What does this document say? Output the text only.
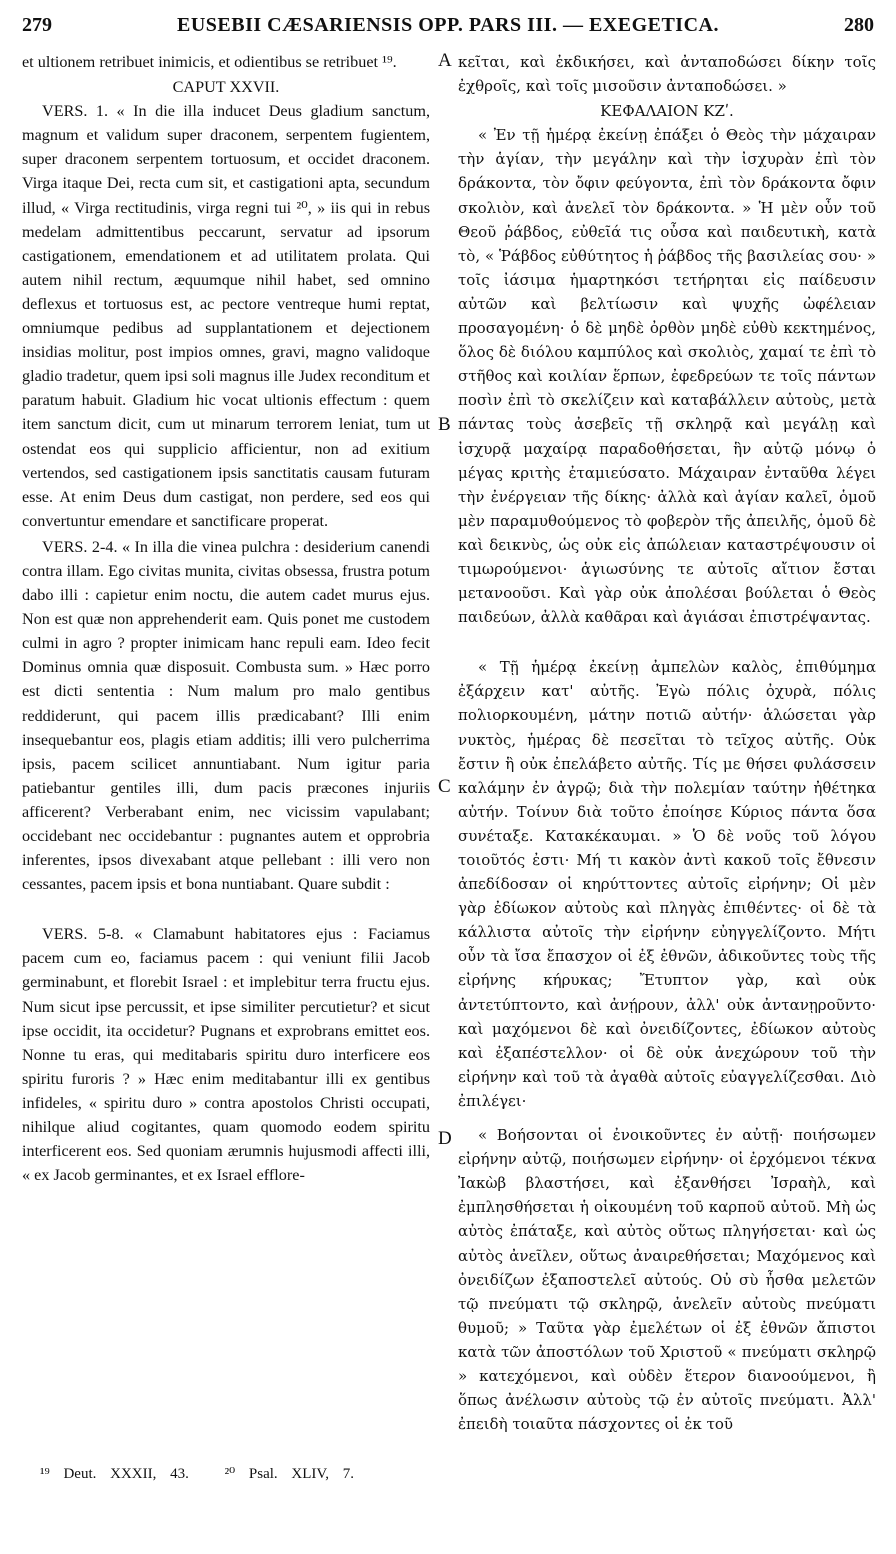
279	EUSEBII CÆSARIENSIS OPP. PARS III. — EXEGETICA.	280

et ultionem retribuet inimicis, et odientibus se retribuet ¹⁹.

CAPUT XXVII.

VERS. 1. « In die illa inducet Deus gladium sanctum, magnum et validum super draconem, serpentem fugientem, super draconem serpentem tortuosum, et occidet draconem. Virga itaque Dei, recta cum sit, et castigationi apta, secundum illud, « Virga rectitudinis, virga regni tui ²⁰, » iis qui in rebus medelam admittentibus peccarunt, servatur ad ipsorum castigationem, emendationem et ad utilitatem prolata. Qui autem nihil rectum, æquumque nihil habet, sed omnino deflexus et tortuosus est, ac pectore ventreque humi reptat, omniumque pedibus ad supplantationem et dejectionem insidias molitur, post impios omnes, gravi, magno validoque gladio tradetur, quem ipsi soli magnus ille Judex reconditum et paratum habuit. Gladium hic vocat ultionis effectum : quem item sanctum dicit, cum ut minarum terrorem leniat, tum ut ostendat eos qui supplicio afficientur, non ad exitium vertendos, sed castigationem ipsis sanctitatis causam futuram esse. At enim Deus dum castigat, non perdere, sed eos qui convertuntur emendare et sanctificare properat.

VERS. 2-4. « In illa die vinea pulchra : desiderium canendi contra illam. Ego civitas munita, civitas obsessa, frustra potum dabo illi : capietur enim noctu, die autem cadet murus ejus. Non est quæ non apprehenderit eam. Quis ponet me custodem culmi in agro ? propter inimicam hanc repuli eam. Ideo fecit Dominus omnia quæ disposuit. Combusta sum. » Hæc porro est dicti sententia : Num malum pro malo gentibus reddiderunt, qui pacem illis prædicabant? Illi enim insequebantur eos, plagis etiam additis; illi vero pulcherrima ipsis, pacem scilicet annuntiabant. Num igitur paria patiebantur gentiles illi, dum pacis præcones injuriis afficerent? Verberabant enim, nec vicissim vapulabant; occidebant nec occidebantur : pugnantes autem et opprobria inferentes, ipsos divexabant atque pellebant : illi vero non cessantes, pacem ipsis et bona nuntiabant. Quare subdit :

VERS. 5-8. « Clamabunt habitatores ejus : Faciamus pacem cum eo, faciamus pacem : qui veniunt filii Jacob germinabunt, et florebit Israel : et implebitur terra fructu ejus. Num sicut ipse percussit, et ipse similiter percutietur? et sicut ipse occidit, ita occidetur? Pugnans et exprobrans emittet eos. Nonne tu eras, qui meditabaris spiritu duro interficere eos spiritu furoris ? » Hæc enim meditabantur illi ex gentibus infideles, « spiritu duro » contra apostolos Christi occupati, nihilque aliud cogitantes, quam quomodo eodem spiritu interficerent eos. Sed quoniam ærumnis hujusmodi affecti illi, « ex Jacob germinantes, et ex Israel efflore-

A
B
C
D

κεῖται, καὶ ἐκδικήσει, καὶ ἀνταποδώσει δίκην τοῖς ἐχθροῖς, καὶ τοῖς μισοῦσιν ἀνταποδώσει. »

ΚΕΦΑΛΑΙΟΝ ΚΖʹ.

« Ἐν τῇ ἡμέρᾳ ἐκείνῃ ἐπάξει ὁ Θεὸς τὴν μάχαιραν τὴν ἁγίαν, τὴν μεγάλην καὶ τὴν ἰσχυρὰν ἐπὶ τὸν δράκοντα, τὸν ὄφιν φεύγοντα, ἐπὶ τὸν δράκοντα ὄφιν σκολιὸν, καὶ ἀνελεῖ τὸν δράκοντα. » Ἡ μὲν οὖν τοῦ Θεοῦ ῥάβδος, εὐθεῖά τις οὖσα καὶ παιδευτικὴ, κατὰ τὸ, « Ῥάβδος εὐθύτητος ἡ ῥάβδος τῆς βασιλείας σου· » τοῖς ἰάσιμα ἡμαρτηκόσι τετήρηται εἰς παίδευσιν αὐτῶν καὶ βελτίωσιν καὶ ψυχῆς ὠφέλειαν προσαγομένη· ὁ δὲ μηδὲ ὀρθὸν μηδὲ εὐθὺ κεκτημένος, ὅλος δὲ διόλου καμπύλος καὶ σκολιὸς, χαμαί τε ἐπὶ τὸ στῆθος καὶ κοιλίαν ἕρπων, ἐφεδρεύων τε τοῖς πάντων ποσὶν ἐπὶ τὸ σκελίζειν καὶ καταβάλλειν αὐτοὺς, μετὰ πάντας τοὺς ἀσεβεῖς τῇ σκληρᾷ καὶ μεγάλῃ καὶ ἰσχυρᾷ μαχαίρᾳ παραδοθήσεται, ἣν αὐτῷ μόνῳ ὁ μέγας κριτὴς ἐταμιεύσατο. Μάχαιραν ἐνταῦθα λέγει τὴν ἐνέργειαν τῆς δίκης· ἀλλὰ καὶ ἁγίαν καλεῖ, ὁμοῦ μὲν παραμυθούμενος τὸ φοβερὸν τῆς ἀπειλῆς, ὁμοῦ δὲ καὶ δεικνὺς, ὡς οὐκ εἰς ἀπώλειαν καταστρέψουσιν οἱ τιμωρούμενοι· ἁγιωσύνης τε αὐτοῖς αἴτιον ἔσται μετανοοῦσι. Καὶ γὰρ οὐκ ἀπολέσαι βούλεται ὁ Θεὸς παιδεύων, ἀλλὰ καθᾶραι καὶ ἁγιάσαι ἐπιστρέψαντας.

« Τῇ ἡμέρᾳ ἐκείνῃ ἀμπελὼν καλὸς, ἐπιθύμημα ἐξάρχειν κατ' αὐτῆς. Ἐγὼ πόλις ὀχυρὰ, πόλις πολιορκουμένη, μάτην ποτιῶ αὐτήν· ἁλώσεται γὰρ νυκτὸς, ἡμέρας δὲ πεσεῖται τὸ τεῖχος αὐτῆς. Οὐκ ἔστιν ἣ οὐκ ἐπελάβετο αὐτῆς. Τίς με θήσει φυλάσσειν καλάμην ἐν ἀγρῷ; διὰ τὴν πολεμίαν ταύτην ἠθέτηκα αὐτήν. Τοίνυν διὰ τοῦτο ἐποίησε Κύριος πάντα ὅσα συνέταξε. Κατακέκαυμαι. » Ὁ δὲ νοῦς τοῦ λόγου τοιοῦτός ἐστι· Μή τι κακὸν ἀντὶ κακοῦ τοῖς ἔθνεσιν ἀπεδίδοσαν οἱ κηρύττοντες αὐτοῖς εἰρήνην; Οἱ μὲν γὰρ ἐδίωκον αὐτοὺς καὶ πληγὰς ἐπιθέντες· οἱ δὲ τὰ κάλλιστα αὐτοῖς τὴν εἰρήνην εὐηγγελίζοντο. Μήτι οὖν τὰ ἴσα ἔπασχον οἱ ἐξ ἐθνῶν, ἀδικοῦντες τοὺς τῆς εἰρήνης κήρυκας; Ἔτυπτον γὰρ, καὶ οὐκ ἀντετύπτοντο, καὶ ἀνῄρουν, ἀλλ' οὐκ ἀντανῃροῦντο· καὶ μαχόμενοι δὲ καὶ ὀνειδίζοντες, ἐδίωκον αὐτοὺς καὶ ἐξαπέστελλον· οἱ δὲ οὐκ ἀνεχώρουν τοῦ τὴν εἰρήνην καὶ τοῦ τὰ ἀγαθὰ αὐτοῖς εὐαγγελίζεσθαι. Διὸ ἐπιλέγει·

« Βοήσονται οἱ ἐνοικοῦντες ἐν αὐτῇ· ποιήσωμεν εἰρήνην αὐτῷ, ποιήσωμεν εἰρήνην· οἱ ἐρχόμενοι τέκνα Ἰακὼβ βλαστήσει, καὶ ἐξανθήσει Ἰσραὴλ, καὶ ἐμπλησθήσεται ἡ οἰκουμένη τοῦ καρποῦ αὐτοῦ. Μὴ ὡς αὐτὸς ἐπάταξε, καὶ αὐτὸς οὕτως πληγήσεται· καὶ ὡς αὐτὸς ἀνεῖλεν, οὕτως ἀναιρεθήσεται; Μαχόμενος καὶ ὀνειδίζων ἐξαποστελεῖ αὐτούς. Οὐ σὺ ἦσθα μελετῶν τῷ πνεύματι τῷ σκληρῷ, ἀνελεῖν αὐτοὺς πνεύματι θυμοῦ; » Ταῦτα γὰρ ἐμελέτων οἱ ἐξ ἐθνῶν ἄπιστοι κατὰ τῶν ἀποστόλων τοῦ Χριστοῦ « πνεύματι σκληρῷ » κατεχόμενοι, καὶ οὐδὲν ἕτερον διανοούμενοι, ἢ ὅπως ἀνέλωσιν αὐτοὺς τῷ ἐν αὐτοῖς πνεύματι. Ἀλλ' ἐπειδὴ τοιαῦτα πάσχοντες οἱ ἐκ τοῦ

¹⁹ Deut. XXXII, 43. ²⁰ Psal. XLIV, 7.
